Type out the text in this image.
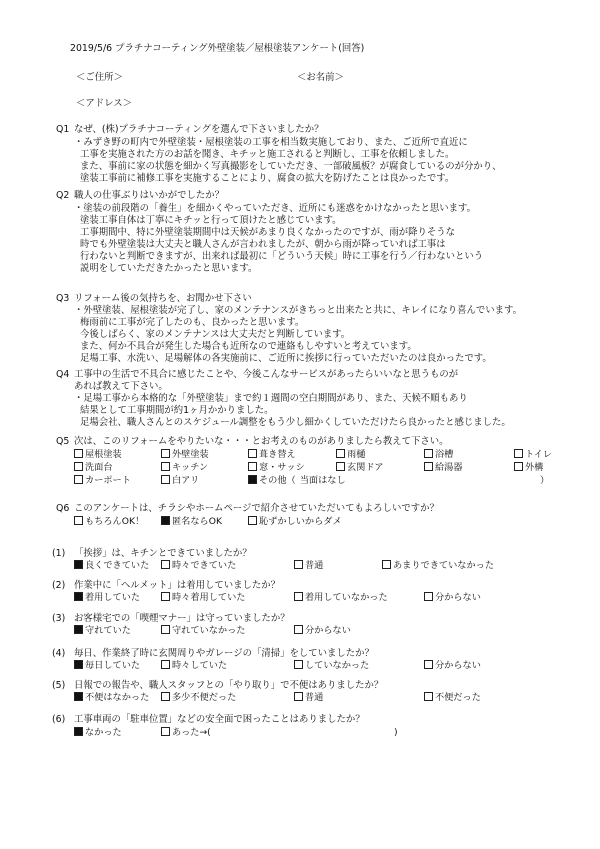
2019/5/6 プラチナコーティング外壁塗装／屋根塗装アンケート(回答)
＜ご住所＞	＜お名前＞
＜アドレス＞
Q1 なぜ、(株)プラチナコーティングを選んで下さいましたか？
・みずき野の町内で外壁塗装・屋根塗装の工事を相当数実施しており、また、ご近所で直近に
工事を実施された方のお話を聞き、キチッと施工されると判断し、工事を依頼しました。
また、事前に家の状態を細かく写真撮影をしていただき、一部破風板？が腐食しているのが分かり、
塗装工事前に補修工事を実施することにより、腐食の拡大を防げたことは良かったです。
Q2 職人の仕事ぶりはいかがでしたか？
・塗装の前段階の「養生」を細かくやっていただき、近所にも迷惑をかけなかったと思います。
塗装工事自体は丁寧にキチッと行って頂けたと感じています。
工事期間中、特に外壁塗装期間中は天候があまり良くなかったのですが、雨が降りそうな
時でも外壁塗装は大丈夫と職人さんが言われましたが、朝から雨が降っていれば工事は
行わないと判断できますが、出来れば最初に「どういう天候」時に工事を行う／行わないという
説明をしていただきたかったと思います。
Q3 リフォーム後の気持ちを、お聞かせ下さい
・外壁塗装、屋根塗装が完了し、家のメンテナンスがきちっと出来たと共に、キレイになり喜んでいます。
梅雨前に工事が完了したのも、良かったと思います。
今後しばらく、家のメンテナンスは大丈夫だと判断しています。
また、何か不具合が発生した場合も近所なので連絡もしやすいと考えています。
足場工事、水洗い、足場解体の各実施前に、ご近所に挨拶に行っていただいたのは良かったです。
Q4 工事中の生活で不具合に感じたことや、今後こんなサービスがあったらいいなと思うものが
あれば教えて下さい。
・足場工事から本格的な「外壁塗装」まで約１週間の空白期間があり、また、天候不順もあり
結果として工事期間が約1ヶ月かかりました。
足場会社、職人さんとのスケジュール調整をもう少し細かくしていただけたら良かったと感じました。
Q5 次は、このリフォームをやりたいな・・・とお考えのものがありましたら教えて下さい。
屋根塗装	外壁塗装	葺き替え	雨樋	浴槽	トイレ
洗面台	キッチン	窓・サッシ	玄関ドア	給湯器	外構
カーポート	白アリ	その他（ 当面はなし	）
Q6 このアンケートは、チラシやホームページで紹介させていただいてもよろしいですか？
もちろんOK！	匿名ならOK	恥ずかしいからダメ
(1) 「挨拶」は、キチンとできていましたか？
良くできていた	時々できていた	普通	あまりできていなかった
(2) 作業中に「ヘルメット」は着用していましたか？
着用していた	時々着用していた	着用していなかった	分からない
(3) お客様宅での「喫煙マナー」は守っていましたか？
守れていた	守れていなかった	分からない
(4) 毎日、作業終了時に玄関周りやガレージの「清掃」をしていましたか？
毎日していた	時々していた	していなかった	分からない
(5) 日報での報告や、職人スタッフとの「やり取り」で不便はありましたか？
不便はなかった	多少不便だった	普通	不便だった
(6) 工事車両の「駐車位置」などの安全面で困ったことはありましたか？
なかった	あった→(	)
